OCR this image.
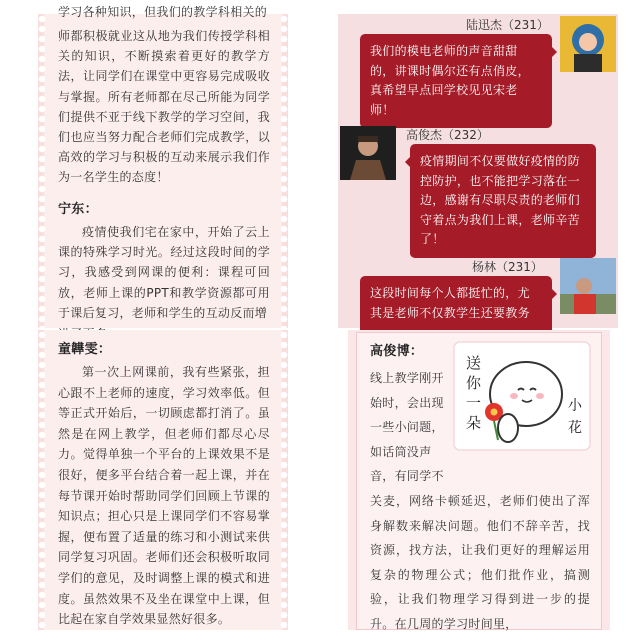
学习各种知识，但我们的教学科相关的
师都积极就业这从地为我们传授学科相关的知识，不断摸索着更好的教学方法，让同学们在课堂中更容易完成吸收与掌握。所有老师都在尽己所能为同学们提供不亚于线下教学的学习空间，我们也应当努力配合老师们完成教学，以高效的学习与积极的互动来展示我们作为一名学生的态度！
宁东：
疫情使我们宅在家中，开始了云上课的特殊学习时光。经过这段时间的学习，我感受到网课的便利：课程可回放，老师上课的PPT和教学资源都可用于课后复习，老师和学生的互动反而增
陆迅杰（231）
我们的模电老师的声音甜甜的，讲课时偶尔还有点俏皮，真希望早点回学校见见宋老师！
高俊杰（232）
疫情期间不仅要做好疫情的防控防护，也不能把学习落在一边，感谢有尽职尽责的老师们守着点为我们上课，老师辛苦了！
杨林（231）
这段时间每个人都挺忙的，尤其是老师不仅教学生还要教务
童韡雯：
第一次上网课前，我有些紧张，担心跟不上老师的速度，学习效率低。但等正式开始后，一切顾虑都打消了。虽然是在网上教学，但老师们都尽心尽力。觉得单独一个平台的上课效果不是很好，便多平台结合着一起上课，并在每节课开始时帮助同学们回顾上节课的知识点；担心只是上课同学们不容易掌握，便布置了适量的练习和小测试来供同学复习巩固。老师们还会积极听取同学们的意见，及时调整上课的模式和进度。虽然效果不及坐在课堂中上课，但比起在家自学效果显然好很多。
高俊博：
线上教学刚开
始时，会出现
一些小问题，
如话筒没声
音，有同学不
关麦，网络卡顿延迟，老师们使出了浑身解数来解决问题。他们不辞辛苦，找资源，找方法，让我们更好的理解运用复杂的物理公式；他们批作业，搞测验，让我们物理学习得到进一步的提升。在几周的学习时间里，
送
你
一
朵
小
花
